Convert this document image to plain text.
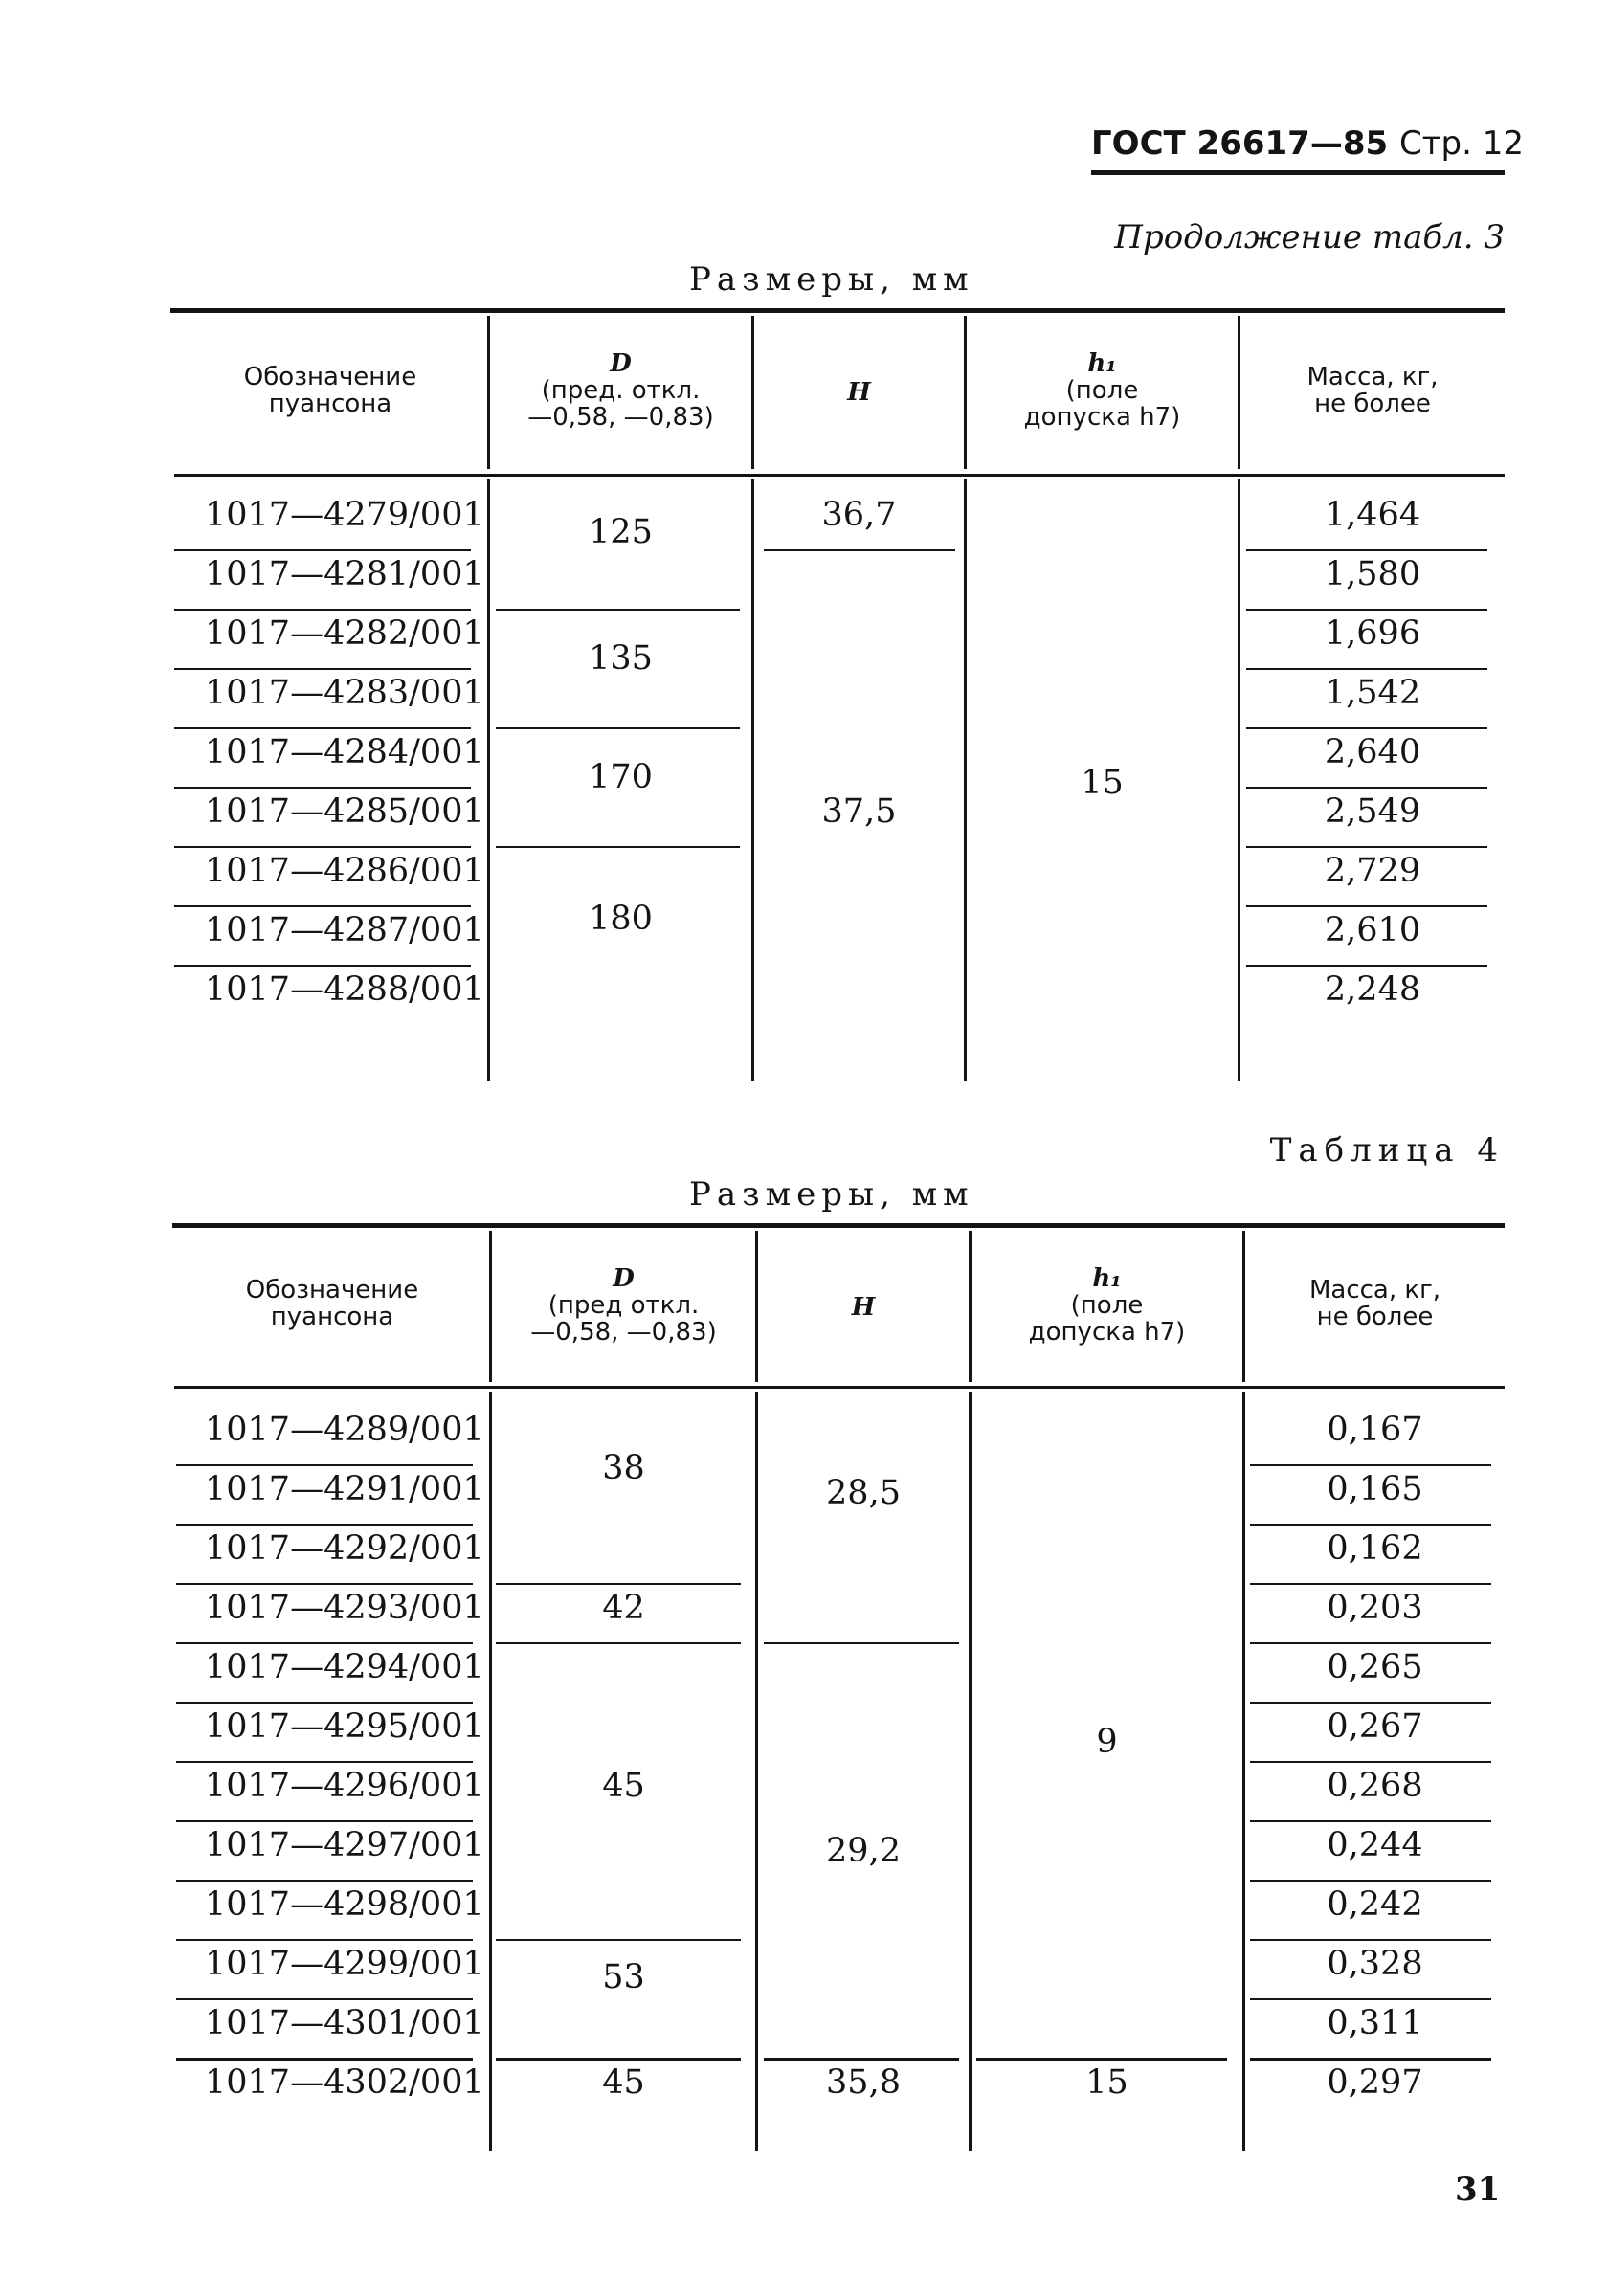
ГОСТ 26617—85 Стр. 12
Продолжение табл. 3
Размеры, мм
Обозначение
пуансона
D
(пред. откл.
—0,58, —0,83)
H
h₁
(поле
допуска h7)
Масса, кг,
не более
1017—4279/001
1017—4281/001
1017—4282/001
1017—4283/001
1017—4284/001
1017—4285/001
1017—4286/001
1017—4287/001
1017—4288/001
125
135
170
180
36,7
37,5
15
1,464
1,580
1,696
1,542
2,640
2,549
2,729
2,610
2,248
Таблица 4
Размеры, мм
Обозначение
пуансона
D
(пред откл.
—0,58, —0,83)
H
h₁
(поле
допуска h7)
Масса, кг,
не более
1017—4289/001
1017—4291/001
1017—4292/001
1017—4293/001
1017—4294/001
1017—4295/001
1017—4296/001
1017—4297/001
1017—4298/001
1017—4299/001
1017—4301/001
1017—4302/001
38
42
45
53
45
28,5
29,2
35,8
9
15
0,167
0,165
0,162
0,203
0,265
0,267
0,268
0,244
0,242
0,328
0,311
0,297
31
